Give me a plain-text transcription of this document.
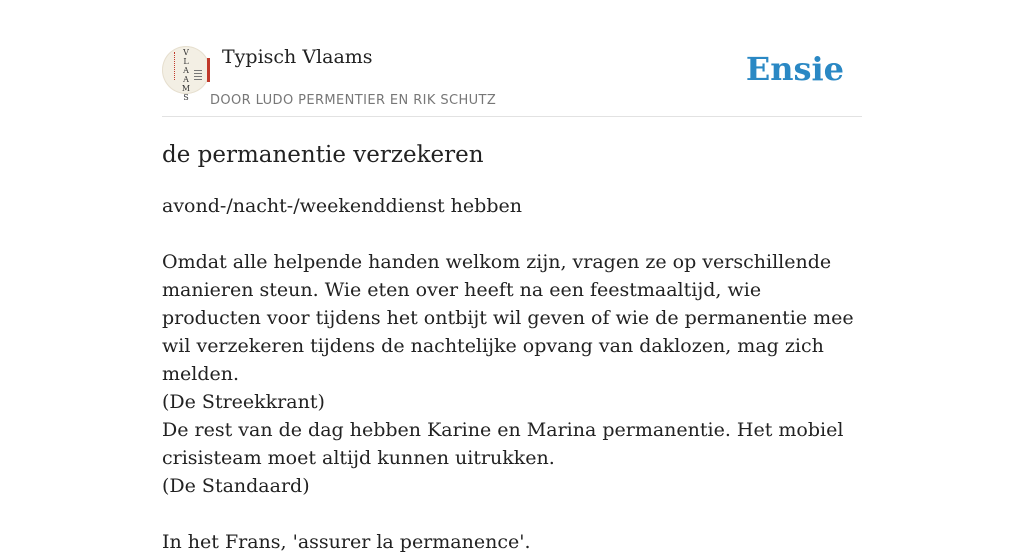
V
L
A
A
M
S
Typisch Vlaams
DOOR LUDO PERMENTIER EN RIK SCHUTZ
Ensie
de permanentie verzekeren
avond-/nacht-/weekenddienst hebben
Omdat alle helpende handen welkom zijn, vragen ze op verschillende manieren steun. Wie eten over heeft na een feestmaaltijd, wie producten voor tijdens het ontbijt wil geven of wie de permanentie mee wil verzekeren tijdens de nachtelijke opvang van daklozen, mag zich melden.
(De Streekkrant)
De rest van de dag hebben Karine en Marina permanentie. Het mobiel crisisteam moet altijd kunnen uitrukken.
(De Standaard)
In het Frans, 'assurer la permanence'.
